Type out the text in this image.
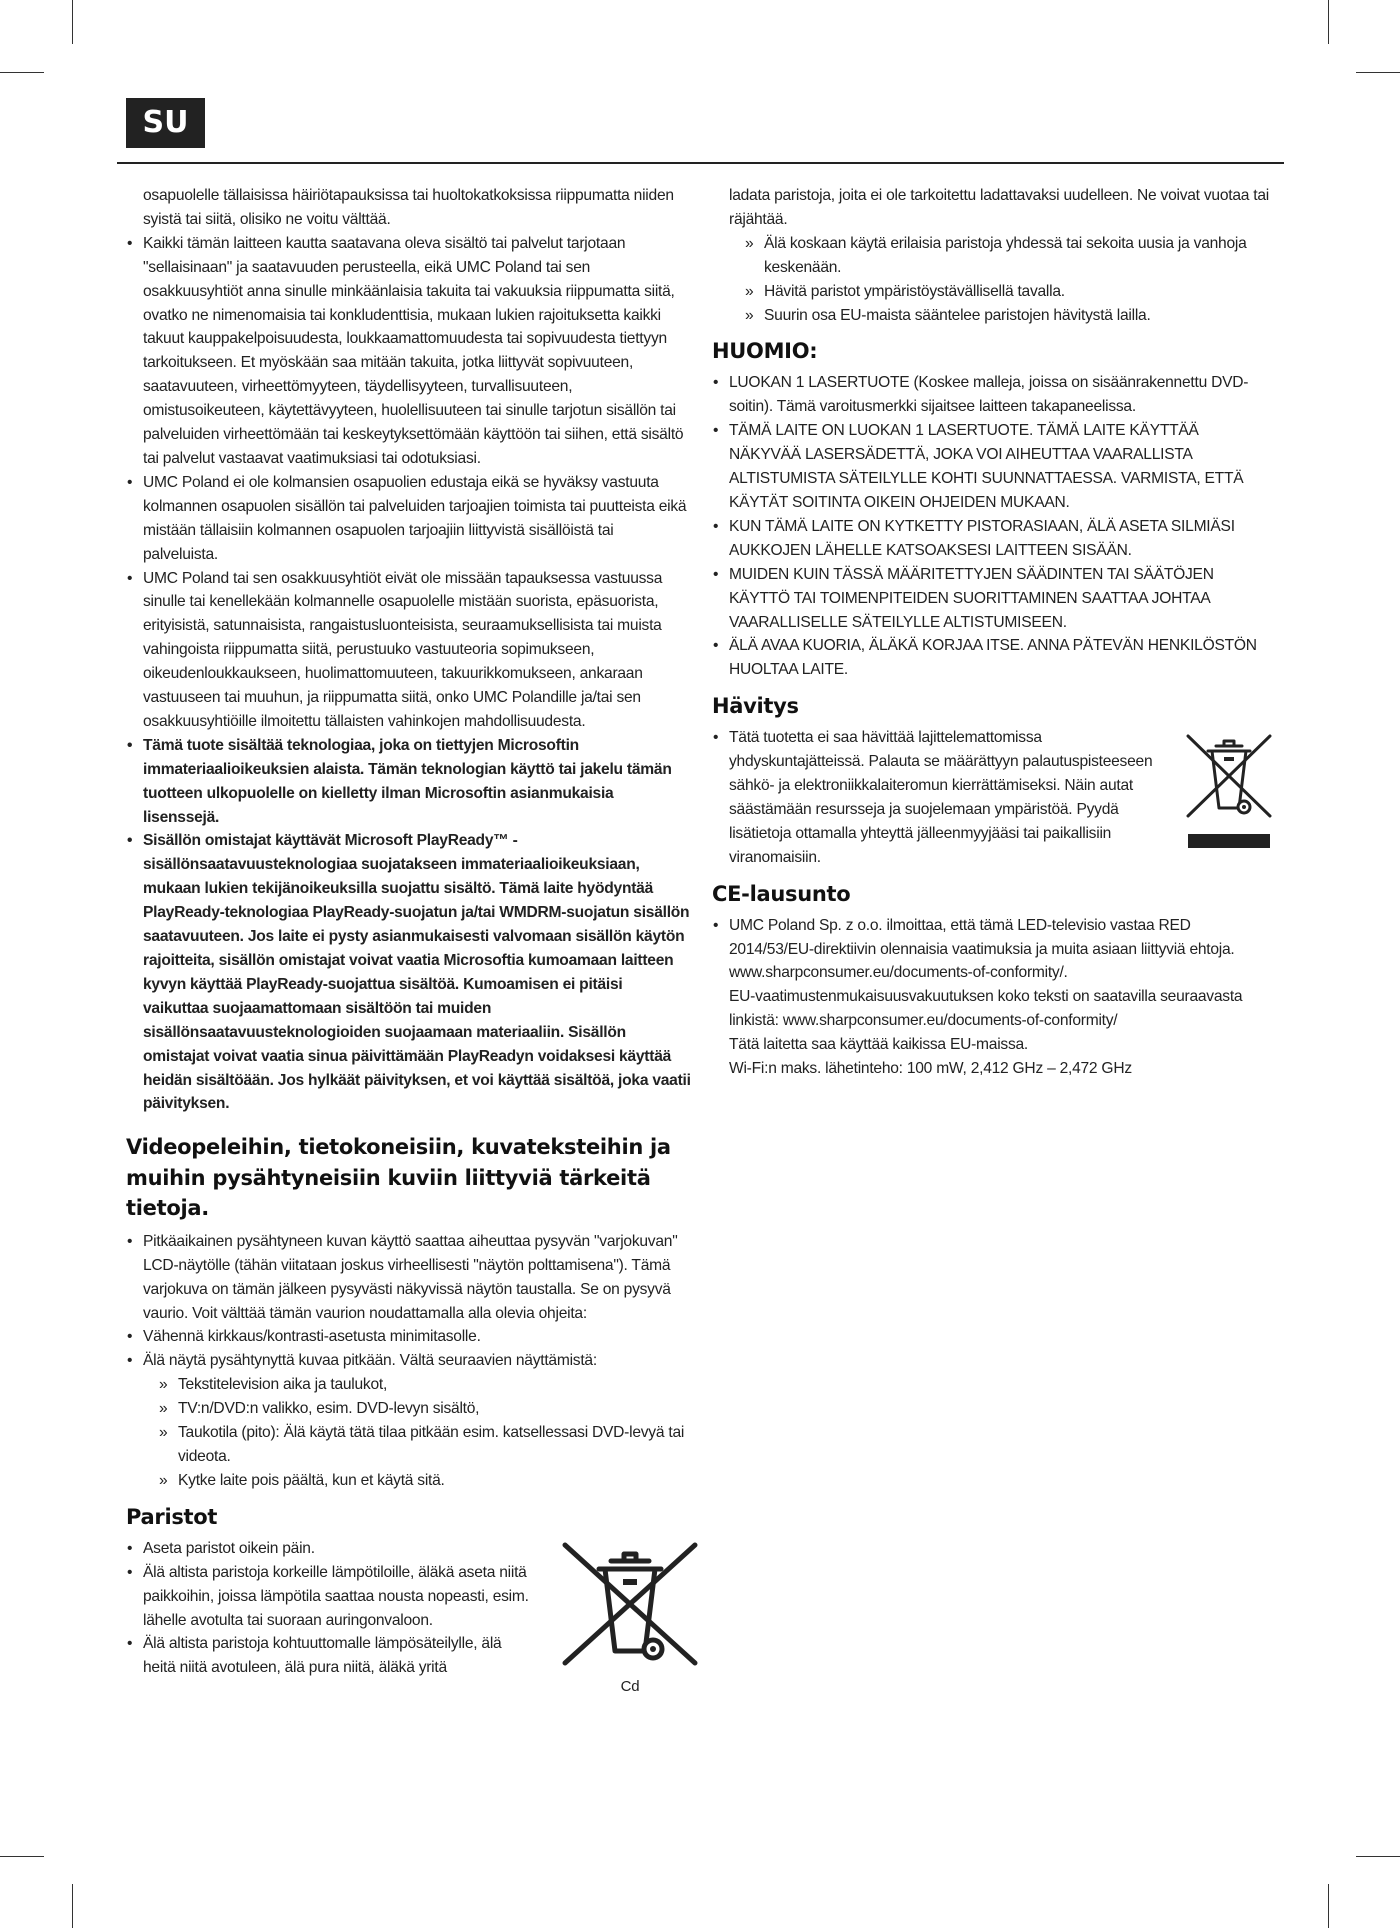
SU

osapuolelle tällaisissa häiriötapauksissa tai huoltokatkoksissa riippumatta niiden syistä tai siitä, olisiko ne voitu välttää.

• Kaikki tämän laitteen kautta saatavana oleva sisältö tai palvelut tarjotaan "sellaisinaan" ja saatavuuden perusteella, eikä UMC Poland tai sen osakkuusyhtiöt anna sinulle minkäänlaisia takuita tai vakuuksia riippumatta siitä, ovatko ne nimenomaisia tai konkludenttisia, mukaan lukien rajoituksetta kaikki takuut kauppakelpoisuudesta, loukkaamattomuudesta tai sopivuudesta tiettyyn tarkoitukseen. Et myöskään saa mitään takuita, jotka liittyvät sopivuuteen, saatavuuteen, virheettömyyteen, täydellisyyteen, turvallisuuteen, omistusoikeuteen, käytettävyyteen, huolellisuuteen tai sinulle tarjotun sisällön tai palveluiden virheettömään tai keskeytyksettömään käyttöön tai siihen, että sisältö tai palvelut vastaavat vaatimuksiasi tai odotuksiasi.
• UMC Poland ei ole kolmansien osapuolien edustaja eikä se hyväksy vastuuta kolmannen osapuolen sisällön tai palveluiden tarjoajien toimista tai puutteista eikä mistään tällaisiin kolmannen osapuolen tarjoajiin liittyvistä sisällöistä tai palveluista.
• UMC Poland tai sen osakkuusyhtiöt eivät ole missään tapauksessa vastuussa sinulle tai kenellekään kolmannelle osapuolelle mistään suorista, epäsuorista, erityisistä, satunnaisista, rangaistusluonteisista, seuraamuksellisista tai muista vahingoista riippumatta siitä, perustuuko vastuuteoria sopimukseen, oikeudenloukkaukseen, huolimattomuuteen, takuurikkomukseen, ankaraan vastuuseen tai muuhun, ja riippumatta siitä, onko UMC Polandille ja/tai sen osakkuusyhtiöille ilmoitettu tällaisten vahinkojen mahdollisuudesta.
• Tämä tuote sisältää teknologiaa, joka on tiettyjen Microsoftin immateriaalioikeuksien alaista. Tämän teknologian käyttö tai jakelu tämän tuotteen ulkopuolelle on kielletty ilman Microsoftin asianmukaisia lisenssejä.
• Sisällön omistajat käyttävät Microsoft PlayReady™ -sisällönsaatavuusteknologiaa suojatakseen immateriaalioikeuksiaan, mukaan lukien tekijänoikeuksilla suojattu sisältö. Tämä laite hyödyntää PlayReady-teknologiaa PlayReady-suojatun ja/tai WMDRM-suojatun sisällön saatavuuteen. Jos laite ei pysty asianmukaisesti valvomaan sisällön käytön rajoitteita, sisällön omistajat voivat vaatia Microsoftia kumoamaan laitteen kyvyn käyttää PlayReady-suojattua sisältöä. Kumoamisen ei pitäisi vaikuttaa suojaamattomaan sisältöön tai muiden sisällönsaatavuusteknologioiden suojaamaan materiaaliin. Sisällön omistajat voivat vaatia sinua päivittämään PlayReadyn voidaksesi käyttää heidän sisältöään. Jos hylkäät päivityksen, et voi käyttää sisältöä, joka vaatii päivityksen.
Videopeleihin, tietokoneisiin, kuvateksteihin ja muihin pysähtyneisiin kuviin liittyviä tärkeitä tietoja.
• Pitkäaikainen pysähtyneen kuvan käyttö saattaa aiheuttaa pysyvän "varjokuvan" LCD-näytölle (tähän viitataan joskus virheellisesti "näytön polttamisena"). Tämä varjokuva on tämän jälkeen pysyvästi näkyvissä näytön taustalla. Se on pysyvä vaurio. Voit välttää tämän vaurion noudattamalla alla olevia ohjeita:
• Vähennä kirkkaus/kontrasti-asetusta minimitasolle.
• Älä näytä pysähtynyttä kuvaa pitkään. Vältä seuraavien näyttämistä:
» Tekstitelevision aika ja taulukot,
» TV:n/DVD:n valikko, esim. DVD-levyn sisältö,
» Taukotila (pito): Älä käytä tätä tilaa pitkään esim. katsellessasi DVD-levyä tai videota.
» Kytke laite pois päältä, kun et käytä sitä.
Paristot
• Aseta paristot oikein päin.
• Älä altista paristoja korkeille lämpötiloille, äläkä aseta niitä paikkoihin, joissa lämpötila saattaa nousta nopeasti, esim. lähelle avotulta tai suoraan auringonvaloon.
• Älä altista paristoja kohtuuttomalle lämpösäteilylle, älä heitä niitä avotuleen, älä pura niitä, äläkä yritä
Cd

ladata paristoja, joita ei ole tarkoitettu ladattavaksi uudelleen. Ne voivat vuotaa tai räjähtää.

» Älä koskaan käytä erilaisia paristoja yhdessä tai sekoita uusia ja vanhoja keskenään.
» Hävitä paristot ympäristöystävällisellä tavalla.
» Suurin osa EU-maista sääntelee paristojen hävitystä lailla.
HUOMIO:
• LUOKAN 1 LASERTUOTE (Koskee malleja, joissa on sisäänrakennettu DVD-soitin). Tämä varoitusmerkki sijaitsee laitteen takapaneelissa.
• TÄMÄ LAITE ON LUOKAN 1 LASERTUOTE. TÄMÄ LAITE KÄYTTÄÄ NÄKYVÄÄ LASERSÄDETTÄ, JOKA VOI AIHEUTTAA VAARALLISTA ALTISTUMISTA SÄTEILYLLE KOHTI SUUNNATTAESSA. VARMISTA, ETTÄ KÄYTÄT SOITINTA OIKEIN OHJEIDEN MUKAAN.
• KUN TÄMÄ LAITE ON KYTKETTY PISTORASIAAN, ÄLÄ ASETA SILMIÄSI AUKKOJEN LÄHELLE KATSOAKSESI LAITTEEN SISÄÄN.
• MUIDEN KUIN TÄSSÄ MÄÄRITETTYJEN SÄÄDINTEN TAI SÄÄTÖJEN KÄYTTÖ TAI TOIMENPITEIDEN SUORITTAMINEN SAATTAA JOHTAA VAARALLISELLE SÄTEILYLLE ALTISTUMISEEN.
• ÄLÄ AVAA KUORIA, ÄLÄKÄ KORJAA ITSE. ANNA PÄTEVÄN HENKILÖSTÖN HUOLTAA LAITE.
Hävitys
• Tätä tuotetta ei saa hävittää lajittelemattomissa yhdyskuntajätteissä. Palauta se määrättyyn palautuspisteeseen sähkö- ja elektroniikkalaiteromun kierrättämiseksi. Näin autat säästämään resursseja ja suojelemaan ympäristöä. Pyydä lisätietoja ottamalla yhteyttä jälleenmyyjääsi tai paikallisiin viranomaisiin.
CE-lausunto
• UMC Poland Sp. z o.o. ilmoittaa, että tämä LED-televisio vastaa RED 2014/53/EU-direktiivin olennaisia vaatimuksia ja muita asiaan liittyviä ehtoja. www.sharpconsumer.eu/documents-of-conformity/.
EU-vaatimustenmukaisuusvakuutuksen koko teksti on saatavilla seuraavasta linkistä: www.sharpconsumer.eu/documents-of-conformity/
Tätä laitetta saa käyttää kaikissa EU-maissa.
Wi-Fi:n maks. lähetinteho: 100 mW, 2,412 GHz – 2,472 GHz
